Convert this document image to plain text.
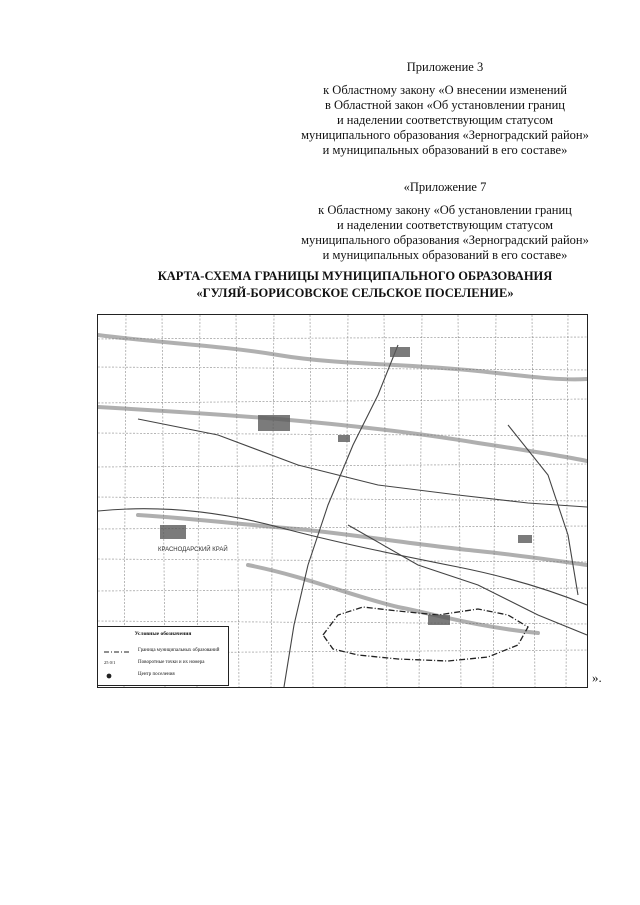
Приложение 3
к Областному закону «О внесении изменений
в Областной закон «Об установлении границ
и наделении соответствующим статусом
муниципального образования «Зерноградский район»
и муниципальных образований в его составе»
«Приложение 7
к Областному закону «Об установлении границ
и наделении соответствующим статусом
муниципального образования «Зерноградский район»
и муниципальных образований в его составе»
КАРТА-СХЕМА ГРАНИЦЫ МУНИЦИПАЛЬНОГО ОБРАЗОВАНИЯ
«ГУЛЯЙ-БОРИСОВСКОЕ СЕЛЬСКОЕ ПОСЕЛЕНИЕ»
КРАСНОДАРСКИЙ КРАЙ
Условные обозначения
Граница муниципальных образований
25 0/1	Поворотные точки и их номера
Центр поселения	».
